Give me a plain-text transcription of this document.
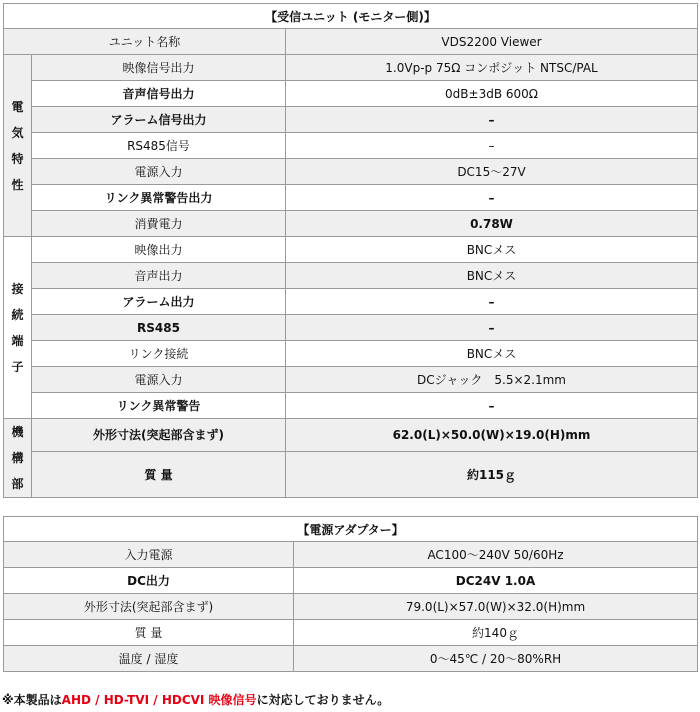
【受信ユニット (モニター側)】		
ユニット名称		VDS2200 Viewer

電
気
特
性	映像信号出力	1.0Vp-p 75Ω コンポジット NTSC/PAL
	音声信号出力	0dB±3dB 600Ω
	アラーム信号出力	–
	RS485信号	–
	電源入力	DC15～27V
	リンク異常警告出力	–
	消費電力	0.78W

接
続
端
子	映像出力	BNCメス
	音声出力	BNCメス
	アラーム出力	–
	RS485	–
	リンク接続	BNCメス
	電源入力	DCジャック　5.5×2.1mm
	リンク異常警告	–

機
構
部	外形寸法(突起部含まず)	62.0(L)×50.0(W)×19.0(H)mm
	質 量	約115ｇ
【電源アダプター】	
入力電源	AC100～240V 50/60Hz
DC出力	DC24V 1.0A
外形寸法(突起部含まず)	79.0(L)×57.0(W)×32.0(H)mm
質 量	約140ｇ
温度 / 湿度	0～45℃ / 20～80%RH
※本製品はAHD / HD-TVI / HDCVI 映像信号に対応しておりません。
